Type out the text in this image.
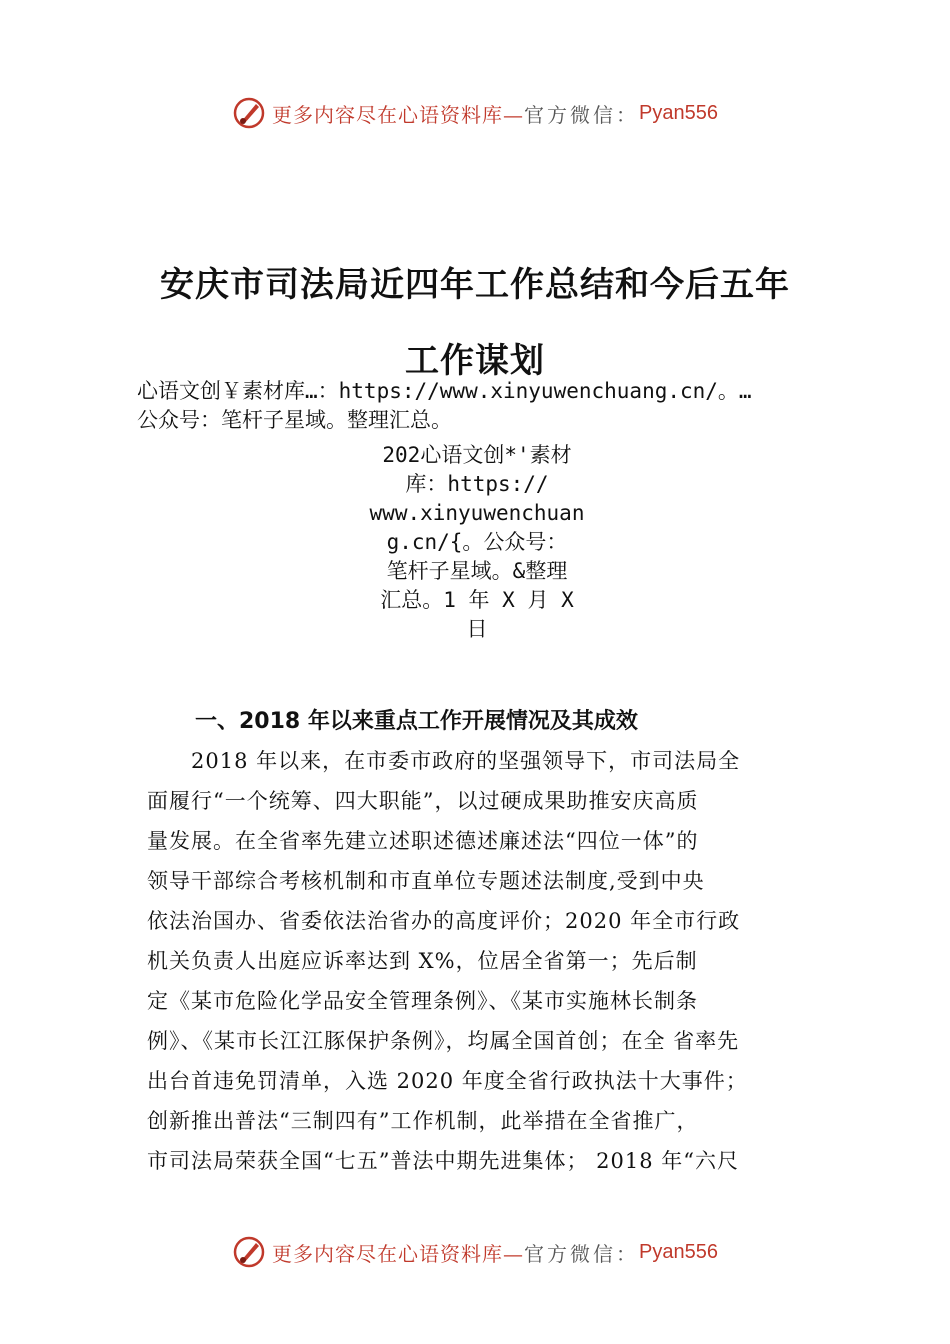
更多内容尽在心语资料库— 官方微信： Pyan556
安庆市司法局近四年工作总结和今后五年
工作谋划
心语文创￥素材库…：https://www.xinyuwenchuang.cn/。…
公众号：笔杆子星域。整理汇总。
202心语文创*'素材
库：https://
www.xinyuwenchuan
g.cn/{。公众号：
笔杆子星域。&整理
汇总。1 年 X 月 X
日
一、2018 年以来重点工作开展情况及其成效
　　2018 年以来，在市委市政府的坚强领导下，市司法局全
面履行“一个统筹、四大职能”，以过硬成果助推安庆高质
量发展。在全省率先建立述职述德述廉述法“四位一体”的
领导干部综合考核机制和市直单位专题述法制度,受到中央
依法治国办、省委依法治省办的高度评价；2020 年全市行政
机关负责人出庭应诉率达到 X%，位居全省第一；先后制
定《某市危险化学品安全管理条例》、《某市实施林长制条
例》、《某市长江江豚保护条例》，均属全国首创；在全 省率先
出台首违免罚清单，入选 2020 年度全省行政执法十大事件；
创新推出普法“三制四有”工作机制，此举措在全省推广，
市司法局荣获全国“七五”普法中期先进集体； 2018 年“六尺
更多内容尽在心语资料库— 官方微信： Pyan556
